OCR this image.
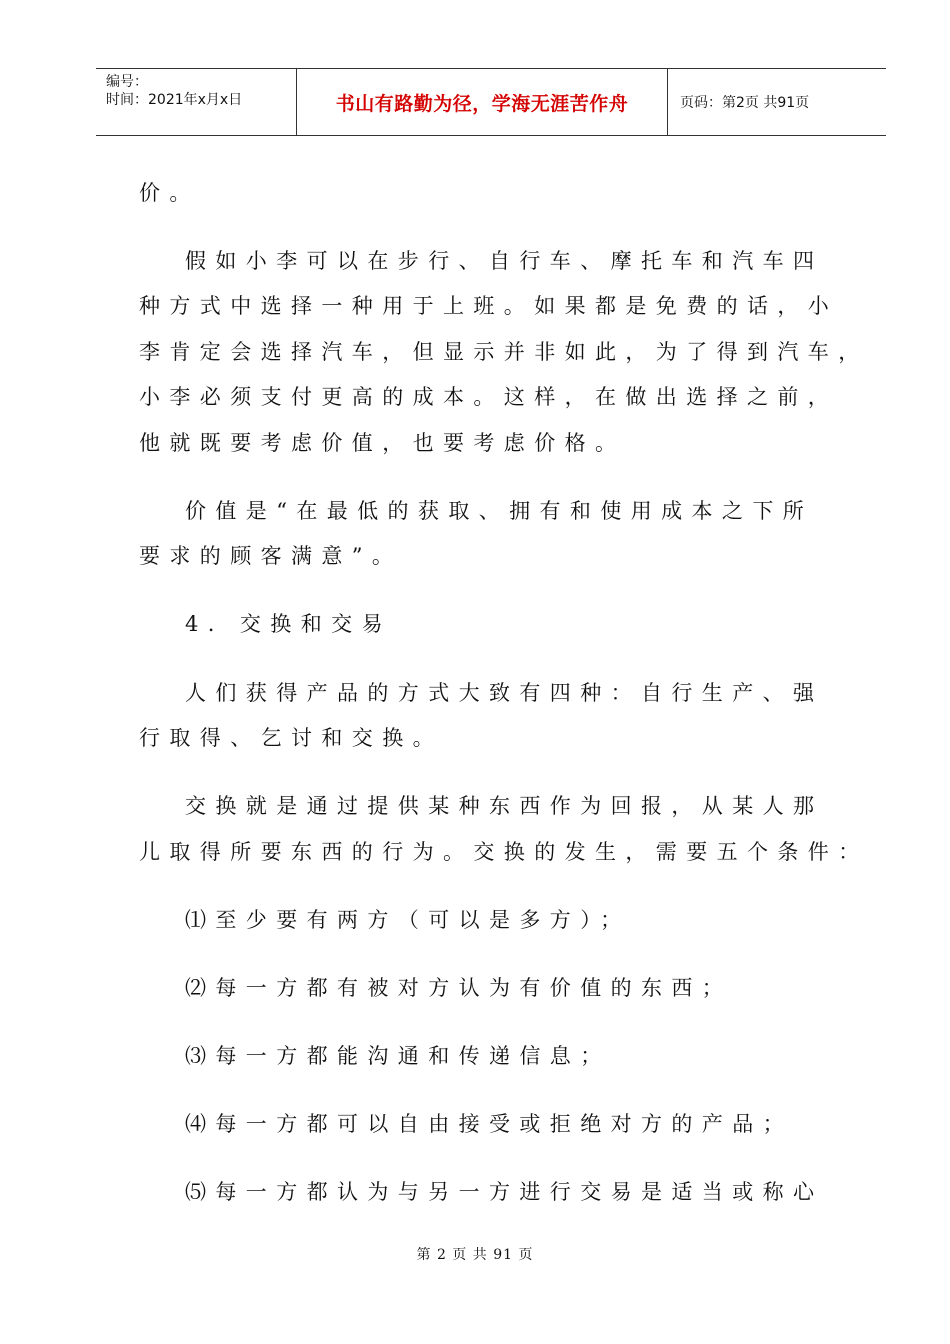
编号：
时间：2021年x月x日	书山有路勤为径，学海无涯苦作舟	页码：第2页 共91页
价。
假如小李可以在步行、自行车、摩托车和汽车四
种方式中选择一种用于上班。如果都是免费的话，小
李肯定会选择汽车，但显示并非如此，为了得到汽车，
小李必须支付更高的成本。这样，在做出选择之前，
他就既要考虑价值，也要考虑价格。
价值是“在最低的获取、拥有和使用成本之下所
要求的顾客满意”。
4. 交换和交易
人们获得产品的方式大致有四种：自行生产、强
行取得、乞讨和交换。
交换就是通过提供某种东西作为回报，从某人那
儿取得所要东西的行为。交换的发生，需要五个条件：
⑴至少要有两方（可以是多方）；
⑵每一方都有被对方认为有价值的东西；
⑶每一方都能沟通和传递信息；
⑷每一方都可以自由接受或拒绝对方的产品；
⑸每一方都认为与另一方进行交易是适当或称心
第 2 页 共 91 页
